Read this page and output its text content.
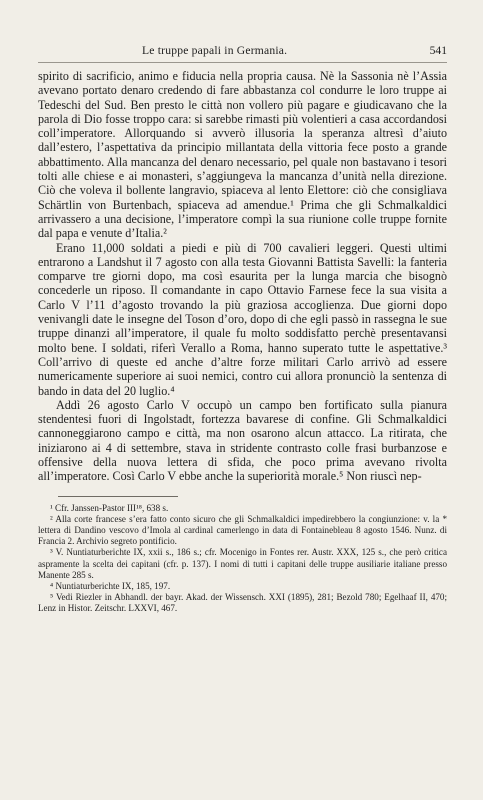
Le truppe papali in Germania.	541

spirito di sacrificio, animo e fiducia nella propria causa. Nè la Sassonia nè l’Assia avevano portato denaro credendo di fare abbastanza col condurre le loro truppe ai Tedeschi del Sud. Ben presto le città non vollero più pagare e giudicavano che la parola di Dio fosse troppo cara: si sarebbe rimasti più volentieri a casa accordandosi coll’imperatore. Allorquando si avverò illusoria la speranza altresì d’aiuto dall’estero, l’aspettativa da principio millantata della vittoria fece posto a grande abbattimento. Alla mancanza del denaro necessario, pel quale non bastavano i tesori tolti alle chiese e ai monasteri, s’aggiungeva la mancanza d’unità nella direzione. Ciò che voleva il bollente langravio, spiaceva al lento Elettore: ciò che consigliava Schärtlin von Burtenbach, spiaceva ad amendue.¹ Prima che gli Schmalkaldici arrivassero a una decisione, l’imperatore compì la sua riunione colle truppe fornite dal papa e venute d’Italia.²

Erano 11,000 soldati a piedi e più di 700 cavalieri leggeri. Questi ultimi entrarono a Landshut il 7 agosto con alla testa Giovanni Battista Savelli: la fanteria comparve tre giorni dopo, ma così esaurita per la lunga marcia che bisognò concederle un riposo. Il comandante in capo Ottavio Farnese fece la sua visita a Carlo V l’11 d’agosto trovando la più graziosa accoglienza. Due giorni dopo venivangli date le insegne del Toson d’oro, dopo di che egli passò in rassegna le sue truppe dinanzi all’imperatore, il quale fu molto soddisfatto perchè presentavansi molto bene. I soldati, riferì Verallo a Roma, hanno superato tutte le aspettative.³ Coll’arrivo di queste ed anche d’altre forze militari Carlo arrivò ad essere numericamente superiore ai suoi nemici, contro cui allora pronunciò la sentenza di bando in data del 20 luglio.⁴

Addì 26 agosto Carlo V occupò un campo ben fortificato sulla pianura stendentesi fuori di Ingolstadt, fortezza bavarese di confine. Gli Schmalkaldici cannoneggiarono campo e città, ma non osarono alcun attacco. La ritirata, che iniziarono ai 4 di settembre, stava in stridente contrasto colle frasi burbanzose e offensive della nuova lettera di sfida, che poco prima avevano rivolta all’imperatore. Così Carlo V ebbe anche la superiorità morale.⁵ Non riuscì nep-

¹ Cfr. Janssen-Pastor III¹⁸, 638 s.

² Alla corte francese s’era fatto conto sicuro che gli Schmalkaldici impedirebbero la congiunzione: v. la * lettera di Dandino vescovo d’Imola al cardinal camerlengo in data di Fontainebleau 8 agosto 1546. Nunz. di Francia 2. Archivio segreto pontificio.

³ V. Nuntiaturberichte IX, xxii s., 186 s.; cfr. Mocenigo in Fontes rer. Austr. XXX, 125 s., che però critica aspramente la scelta dei capitani (cfr. p. 137). I nomi di tutti i capitani delle truppe ausiliarie italiane presso Manente 285 s.

⁴ Nuntiaturberichte IX, 185, 197.

⁵ Vedi Riezler in Abhandl. der bayr. Akad. der Wissensch. XXI (1895), 281; Bezold 780; Egelhaaf II, 470; Lenz in Histor. Zeitschr. LXXVI, 467.
